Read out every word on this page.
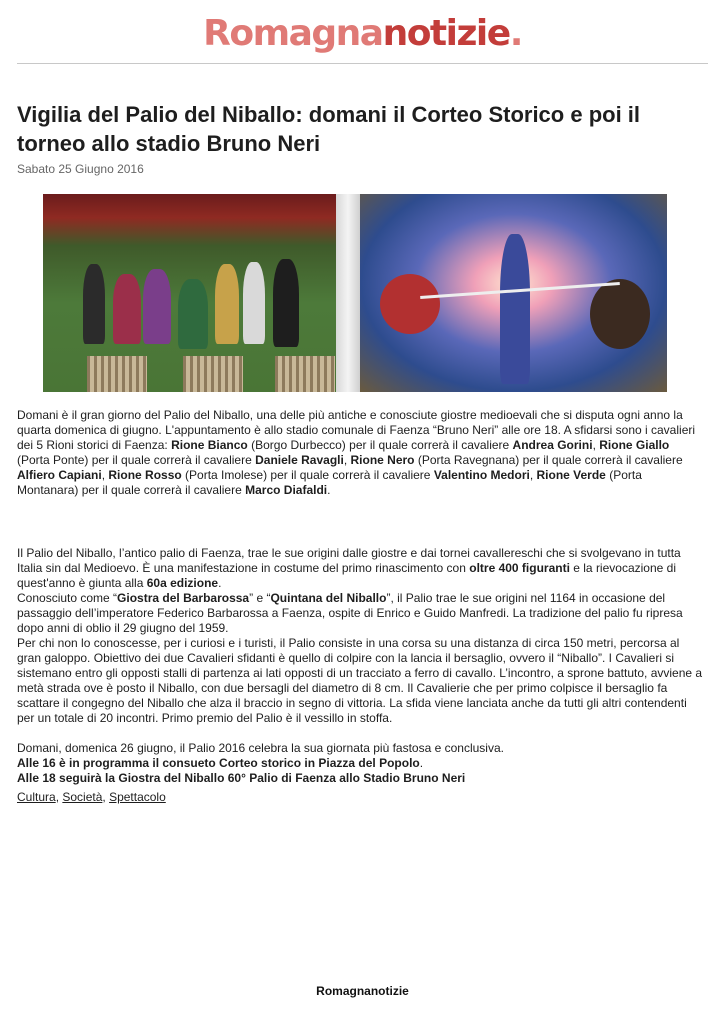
Romagnanotizie.
Vigilia del Palio del Niballo: domani il Corteo Storico e poi il torneo allo stadio Bruno Neri
Sabato 25 Giugno 2016

Domani è il gran giorno del Palio del Niballo, una delle più antiche e conosciute giostre medioevali che si disputa ogni anno la quarta domenica di giugno. L'appuntamento è allo stadio comunale di Faenza “Bruno Neri” alle ore 18. A sfidarsi sono i cavalieri dei 5 Rioni storici di Faenza: Rione Bianco (Borgo Durbecco) per il quale correrà il cavaliere Andrea Gorini, Rione Giallo (Porta Ponte) per il quale correrà il cavaliere Daniele Ravagli, Rione Nero (Porta Ravegnana) per il quale correrà il cavaliere Alfiero Capiani, Rione Rosso (Porta Imolese) per il quale correrà il cavaliere Valentino Medori, Rione Verde (Porta Montanara) per il quale correrà il cavaliere Marco Diafaldi.

Il Palio del Niballo, l’antico palio di Faenza, trae le sue origini dalle giostre e dai tornei cavallereschi che si svolgevano in tutta Italia sin dal Medioevo. È una manifestazione in costume del primo rinascimento con oltre 400 figuranti e la rievocazione di quest'anno è giunta alla 60a edizione.

Conosciuto come “Giostra del Barbarossa” e “Quintana del Niballo”, il Palio trae le sue origini nel 1164 in occasione del passaggio dell’imperatore Federico Barbarossa a Faenza, ospite di Enrico e Guido Manfredi. La tradizione del palio fu ripresa dopo anni di oblio il 29 giugno del 1959.

Per chi non lo conoscesse, per i curiosi e i turisti, il Palio consiste in una corsa su una distanza di circa 150 metri, percorsa al gran galoppo. Obiettivo dei due Cavalieri sfidanti è quello di colpire con la lancia il bersaglio, ovvero il “Niballo”. I Cavalieri si sistemano entro gli opposti stalli di partenza ai lati opposti di un tracciato a ferro di cavallo. L’incontro, a sprone battuto, avviene a metà strada ove è posto il Niballo, con due bersagli del diametro di 8 cm. Il Cavalierie che per primo colpisce il bersaglio fa scattare il congegno del Niballo che alza il braccio in segno di vittoria. La sfida viene lanciata anche da tutti gli altri contendenti per un totale di 20 incontri. Primo premio del Palio è il vessillo in stoffa.

Domani, domenica 26 giugno, il Palio 2016 celebra la sua giornata più fastosa e conclusiva.

Alle 16 è in programma il consueto Corteo storico in Piazza del Popolo.

Alle 18 seguirà la Giostra del Niballo 60° Palio di Faenza allo Stadio Bruno Neri

Cultura, Società, Spettacolo
Romagnanotizie
